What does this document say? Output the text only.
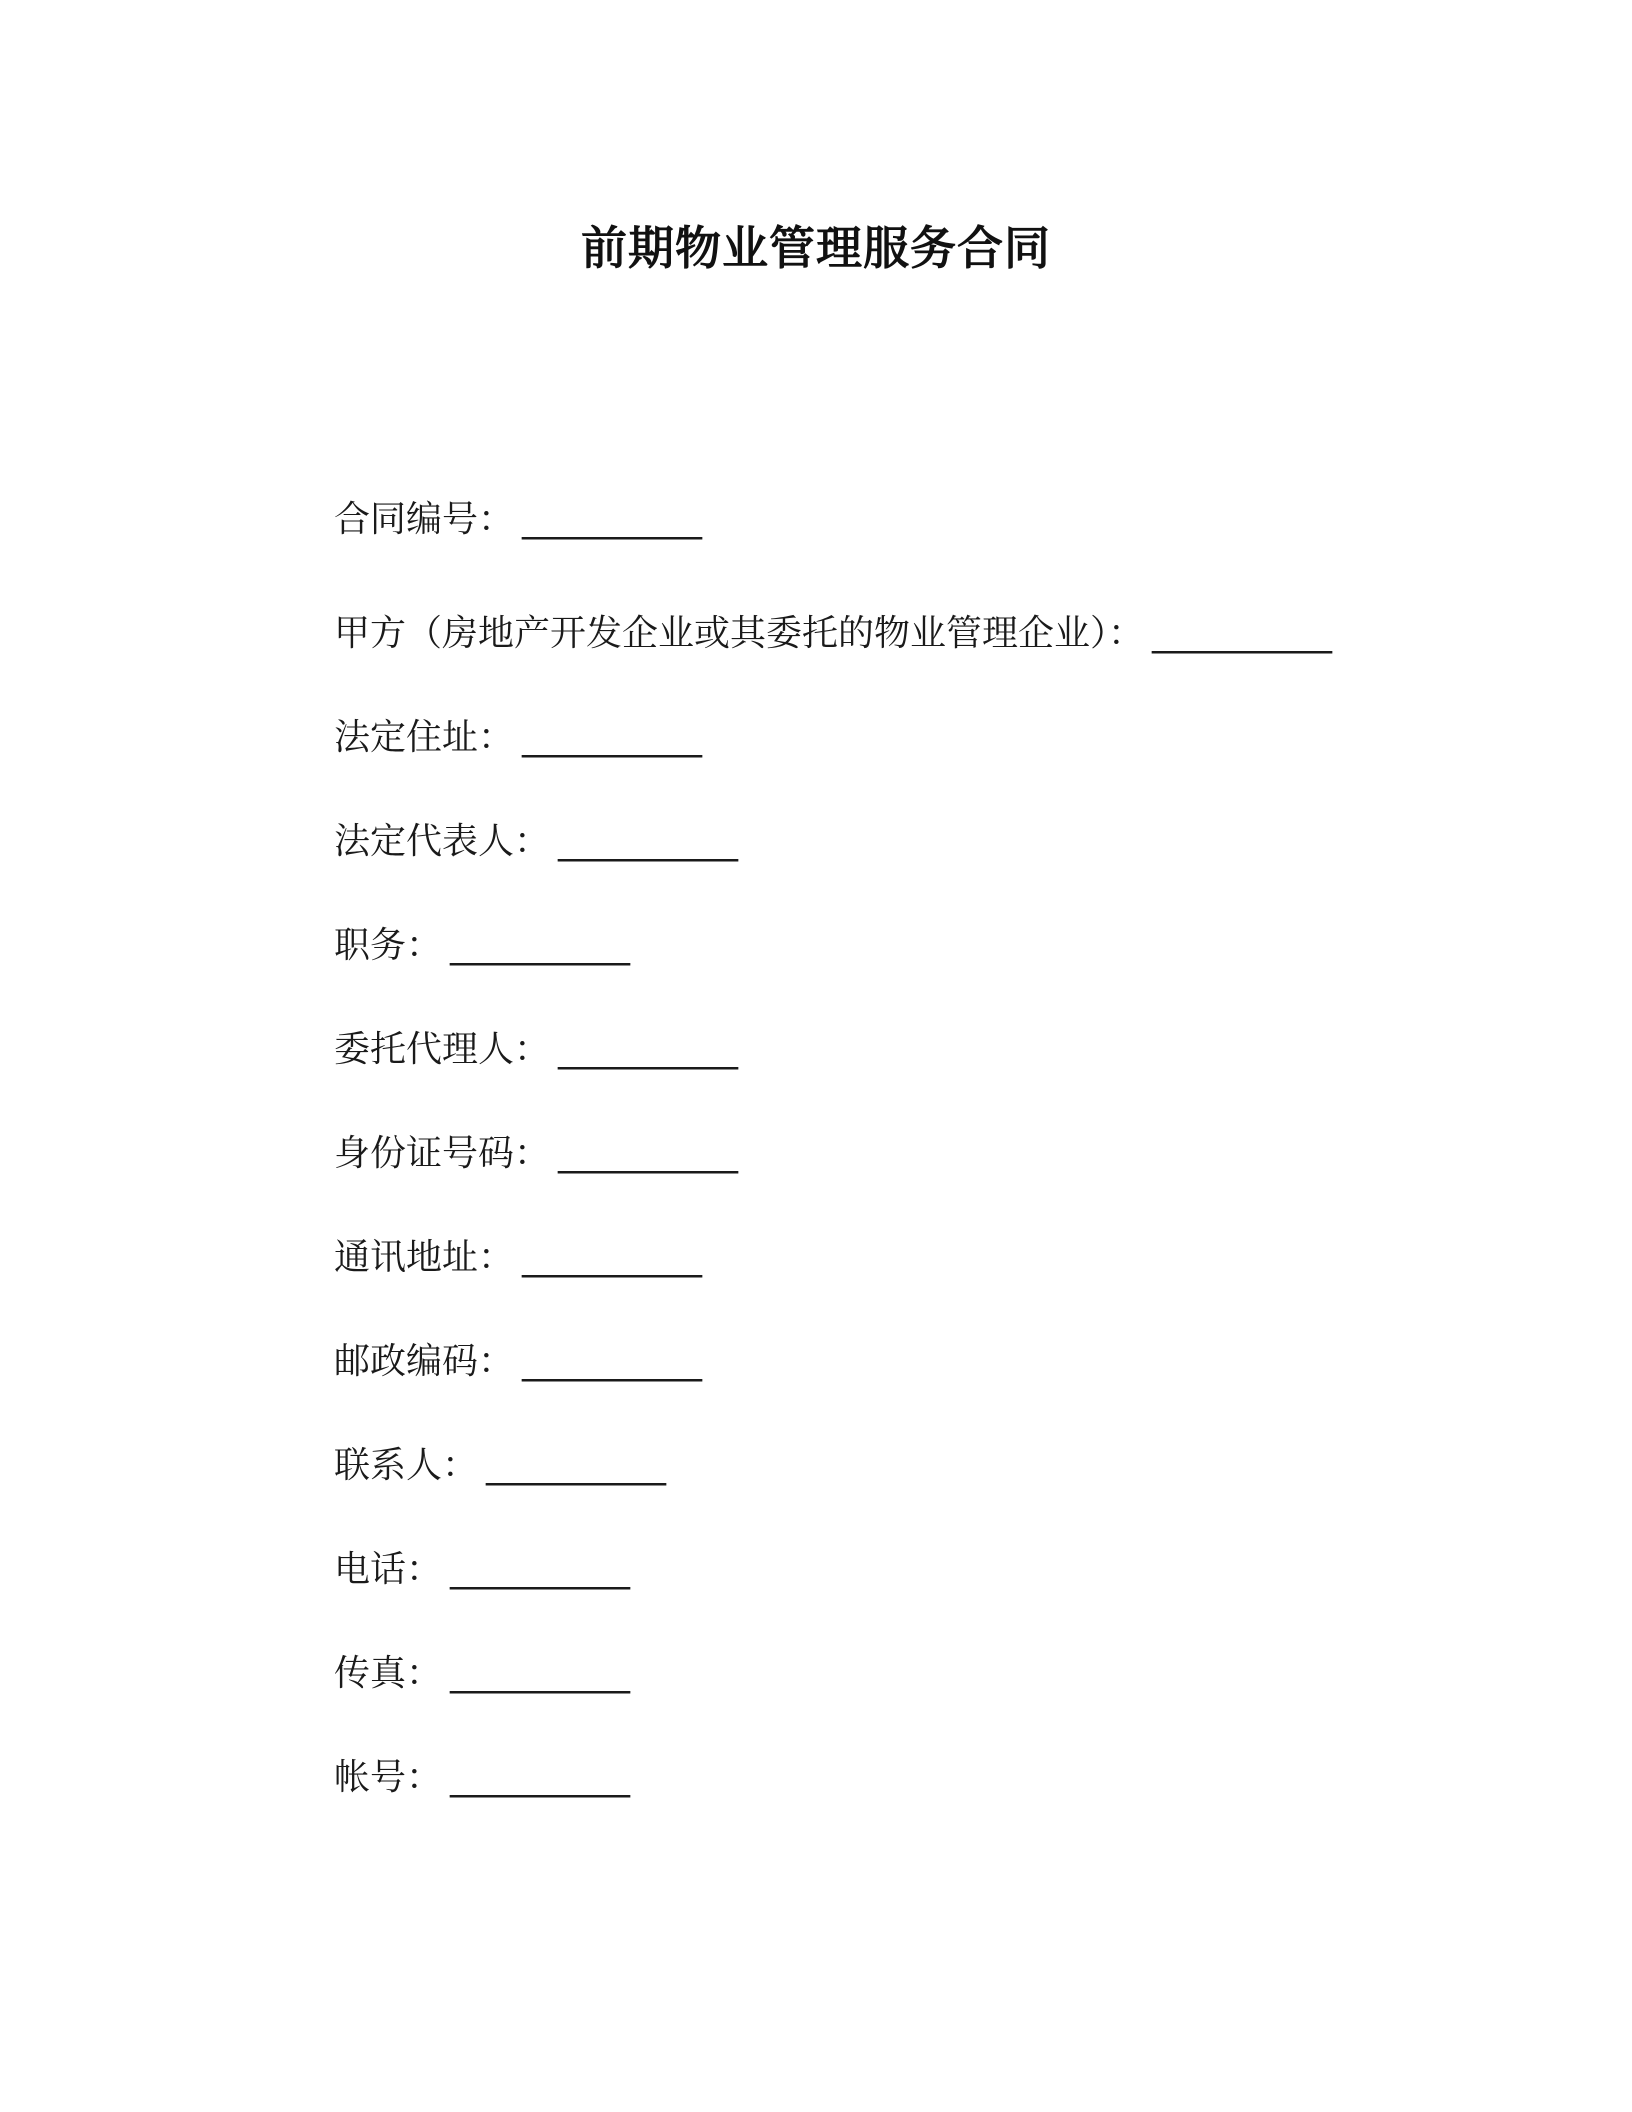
前期物业管理服务合同
合同编号： __________
甲方（房地产开发企业或其委托的物业管理企业）： __________
法定住址： __________
法定代表人： __________
职务： __________
委托代理人： __________
身份证号码： __________
通讯地址： __________
邮政编码： __________
联系人： __________
电话： __________
传真： __________
帐号： __________
